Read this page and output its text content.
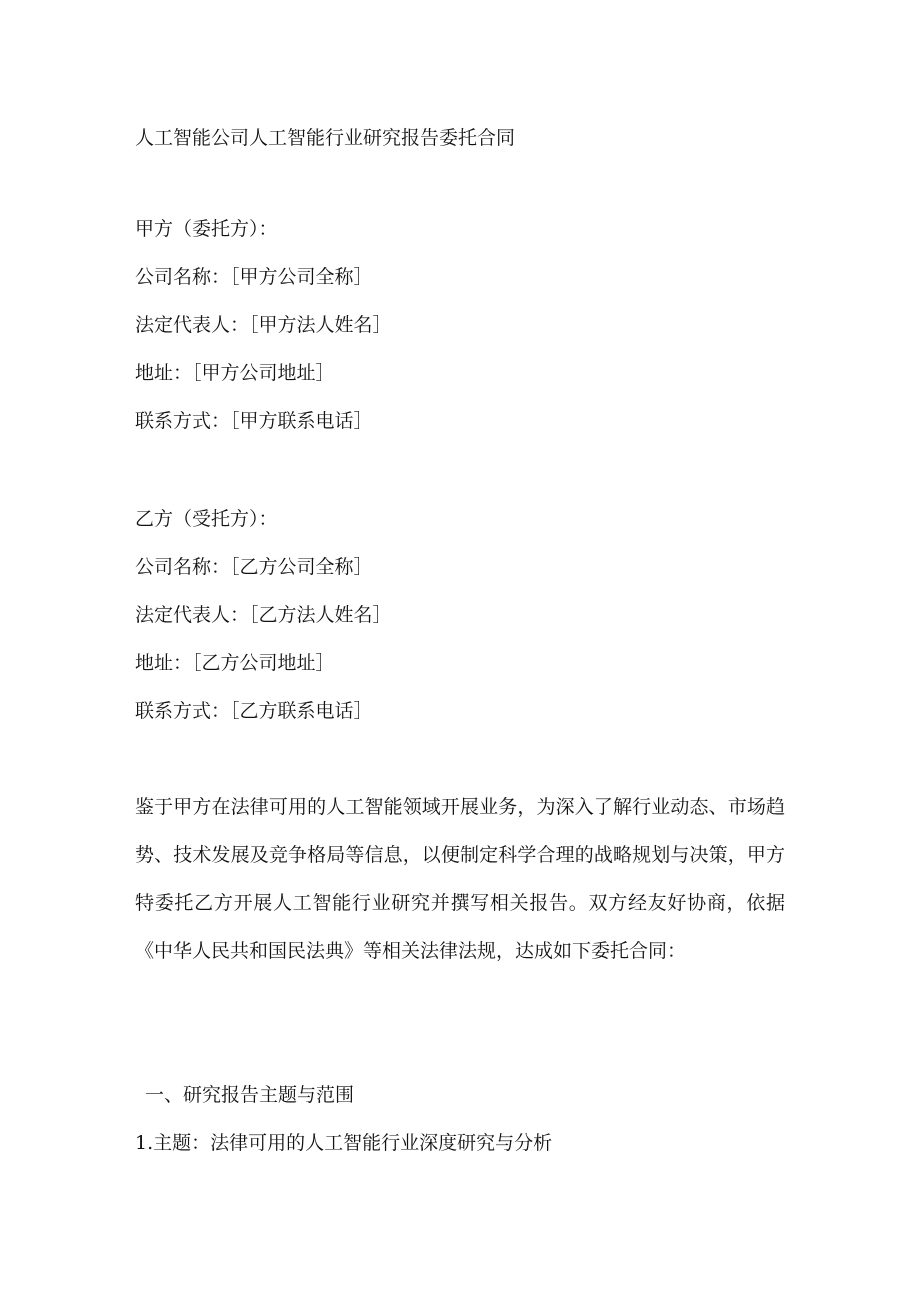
人工智能公司人工智能行业研究报告委托合同
甲方（委托方）：
公司名称：［甲方公司全称］
法定代表人：［甲方法人姓名］
地址：［甲方公司地址］
联系方式：［甲方联系电话］
乙方（受托方）：
公司名称：［乙方公司全称］
法定代表人：［乙方法人姓名］
地址：［乙方公司地址］
联系方式：［乙方联系电话］
鉴于甲方在法律可用的人工智能领域开展业务，为深入了解行业动态、市场趋势、技术发展及竞争格局等信息，以便制定科学合理的战略规划与决策，甲方特委托乙方开展人工智能行业研究并撰写相关报告。双方经友好协商，依据《中华人民共和国民法典》等相关法律法规，达成如下委托合同：
一、研究报告主题与范围
1.主题：法律可用的人工智能行业深度研究与分析
